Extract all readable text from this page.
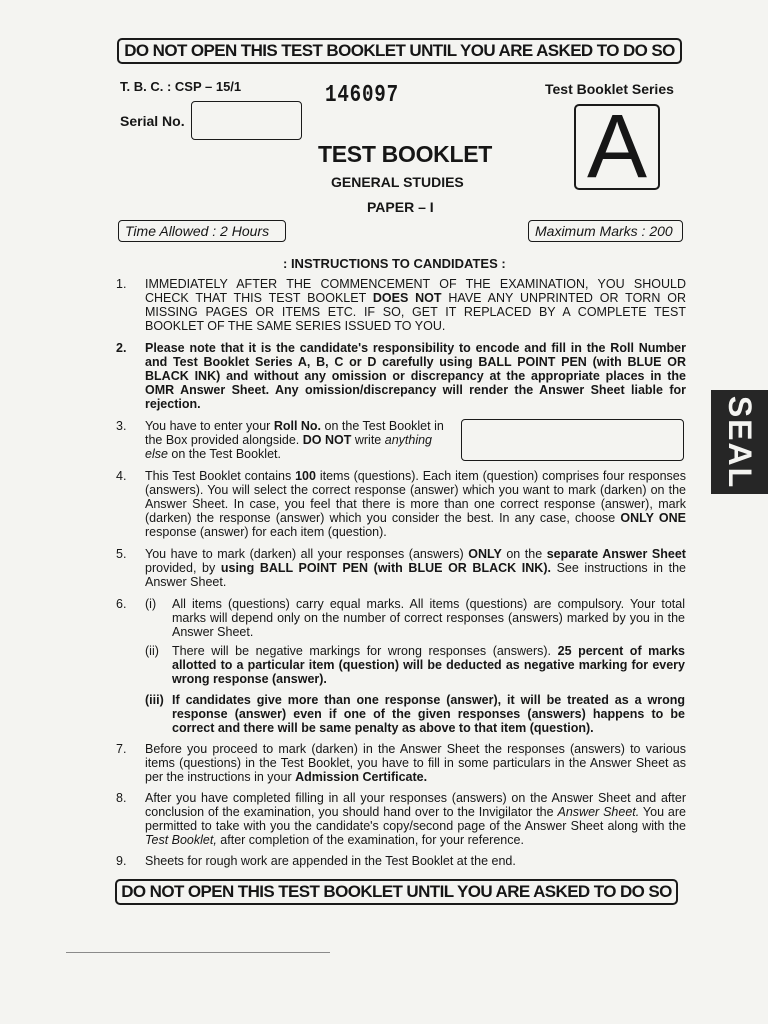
DO NOT OPEN THIS TEST BOOKLET UNTIL YOU ARE ASKED TO DO SO
T. B. C. : CSP – 15/1
Serial No.
146097	Test Booklet Series
A
TEST BOOKLET
GENERAL STUDIES
PAPER – I
Time Allowed : 2 Hours	Maximum Marks : 200
: INSTRUCTIONS TO CANDIDATES :
1. IMMEDIATELY AFTER THE COMMENCEMENT OF THE EXAMINATION, YOU SHOULD CHECK THAT THIS TEST BOOKLET DOES NOT HAVE ANY UNPRINTED OR TORN OR MISSING PAGES OR ITEMS ETC. IF SO, GET IT REPLACED BY A COMPLETE TEST BOOKLET OF THE SAME SERIES ISSUED TO YOU.
2. Please note that it is the candidate's responsibility to encode and fill in the Roll Number and Test Booklet Series A, B, C or D carefully using BALL POINT PEN (with BLUE OR BLACK INK) and without any omission or discrepancy at the appropriate places in the OMR Answer Sheet. Any omission/discrepancy will render the Answer Sheet liable for rejection.
3. You have to enter your Roll No. on the Test Booklet in the Box provided alongside. DO NOT write anything else on the Test Booklet.
4. This Test Booklet contains 100 items (questions). Each item (question) comprises four responses (answers). You will select the correct response (answer) which you want to mark (darken) on the Answer Sheet. In case, you feel that there is more than one correct response (answer), mark (darken) the response (answer) which you consider the best. In any case, choose ONLY ONE response (answer) for each item (question).
5. You have to mark (darken) all your responses (answers) ONLY on the separate Answer Sheet provided, by using BALL POINT PEN (with BLUE OR BLACK INK). See instructions in the Answer Sheet.
6. (i) All items (questions) carry equal marks. All items (questions) are compulsory. Your total marks will depend only on the number of correct responses (answers) marked by you in the Answer Sheet.
(ii) There will be negative markings for wrong responses (answers). 25 percent of marks allotted to a particular item (question) will be deducted as negative marking for every wrong response (answer).
(iii) If candidates give more than one response (answer), it will be treated as a wrong response (answer) even if one of the given responses (answers) happens to be correct and there will be same penalty as above to that item (question).
7. Before you proceed to mark (darken) in the Answer Sheet the responses (answers) to various items (questions) in the Test Booklet, you have to fill in some particulars in the Answer Sheet as per the instructions in your Admission Certificate.
8. After you have completed filling in all your responses (answers) on the Answer Sheet and after conclusion of the examination, you should hand over to the Invigilator the Answer Sheet. You are permitted to take with you the candidate's copy/second page of the Answer Sheet along with the Test Booklet, after completion of the examination, for your reference.
9. Sheets for rough work are appended in the Test Booklet at the end.
DO NOT OPEN THIS TEST BOOKLET UNTIL YOU ARE ASKED TO DO SO
SEAL
